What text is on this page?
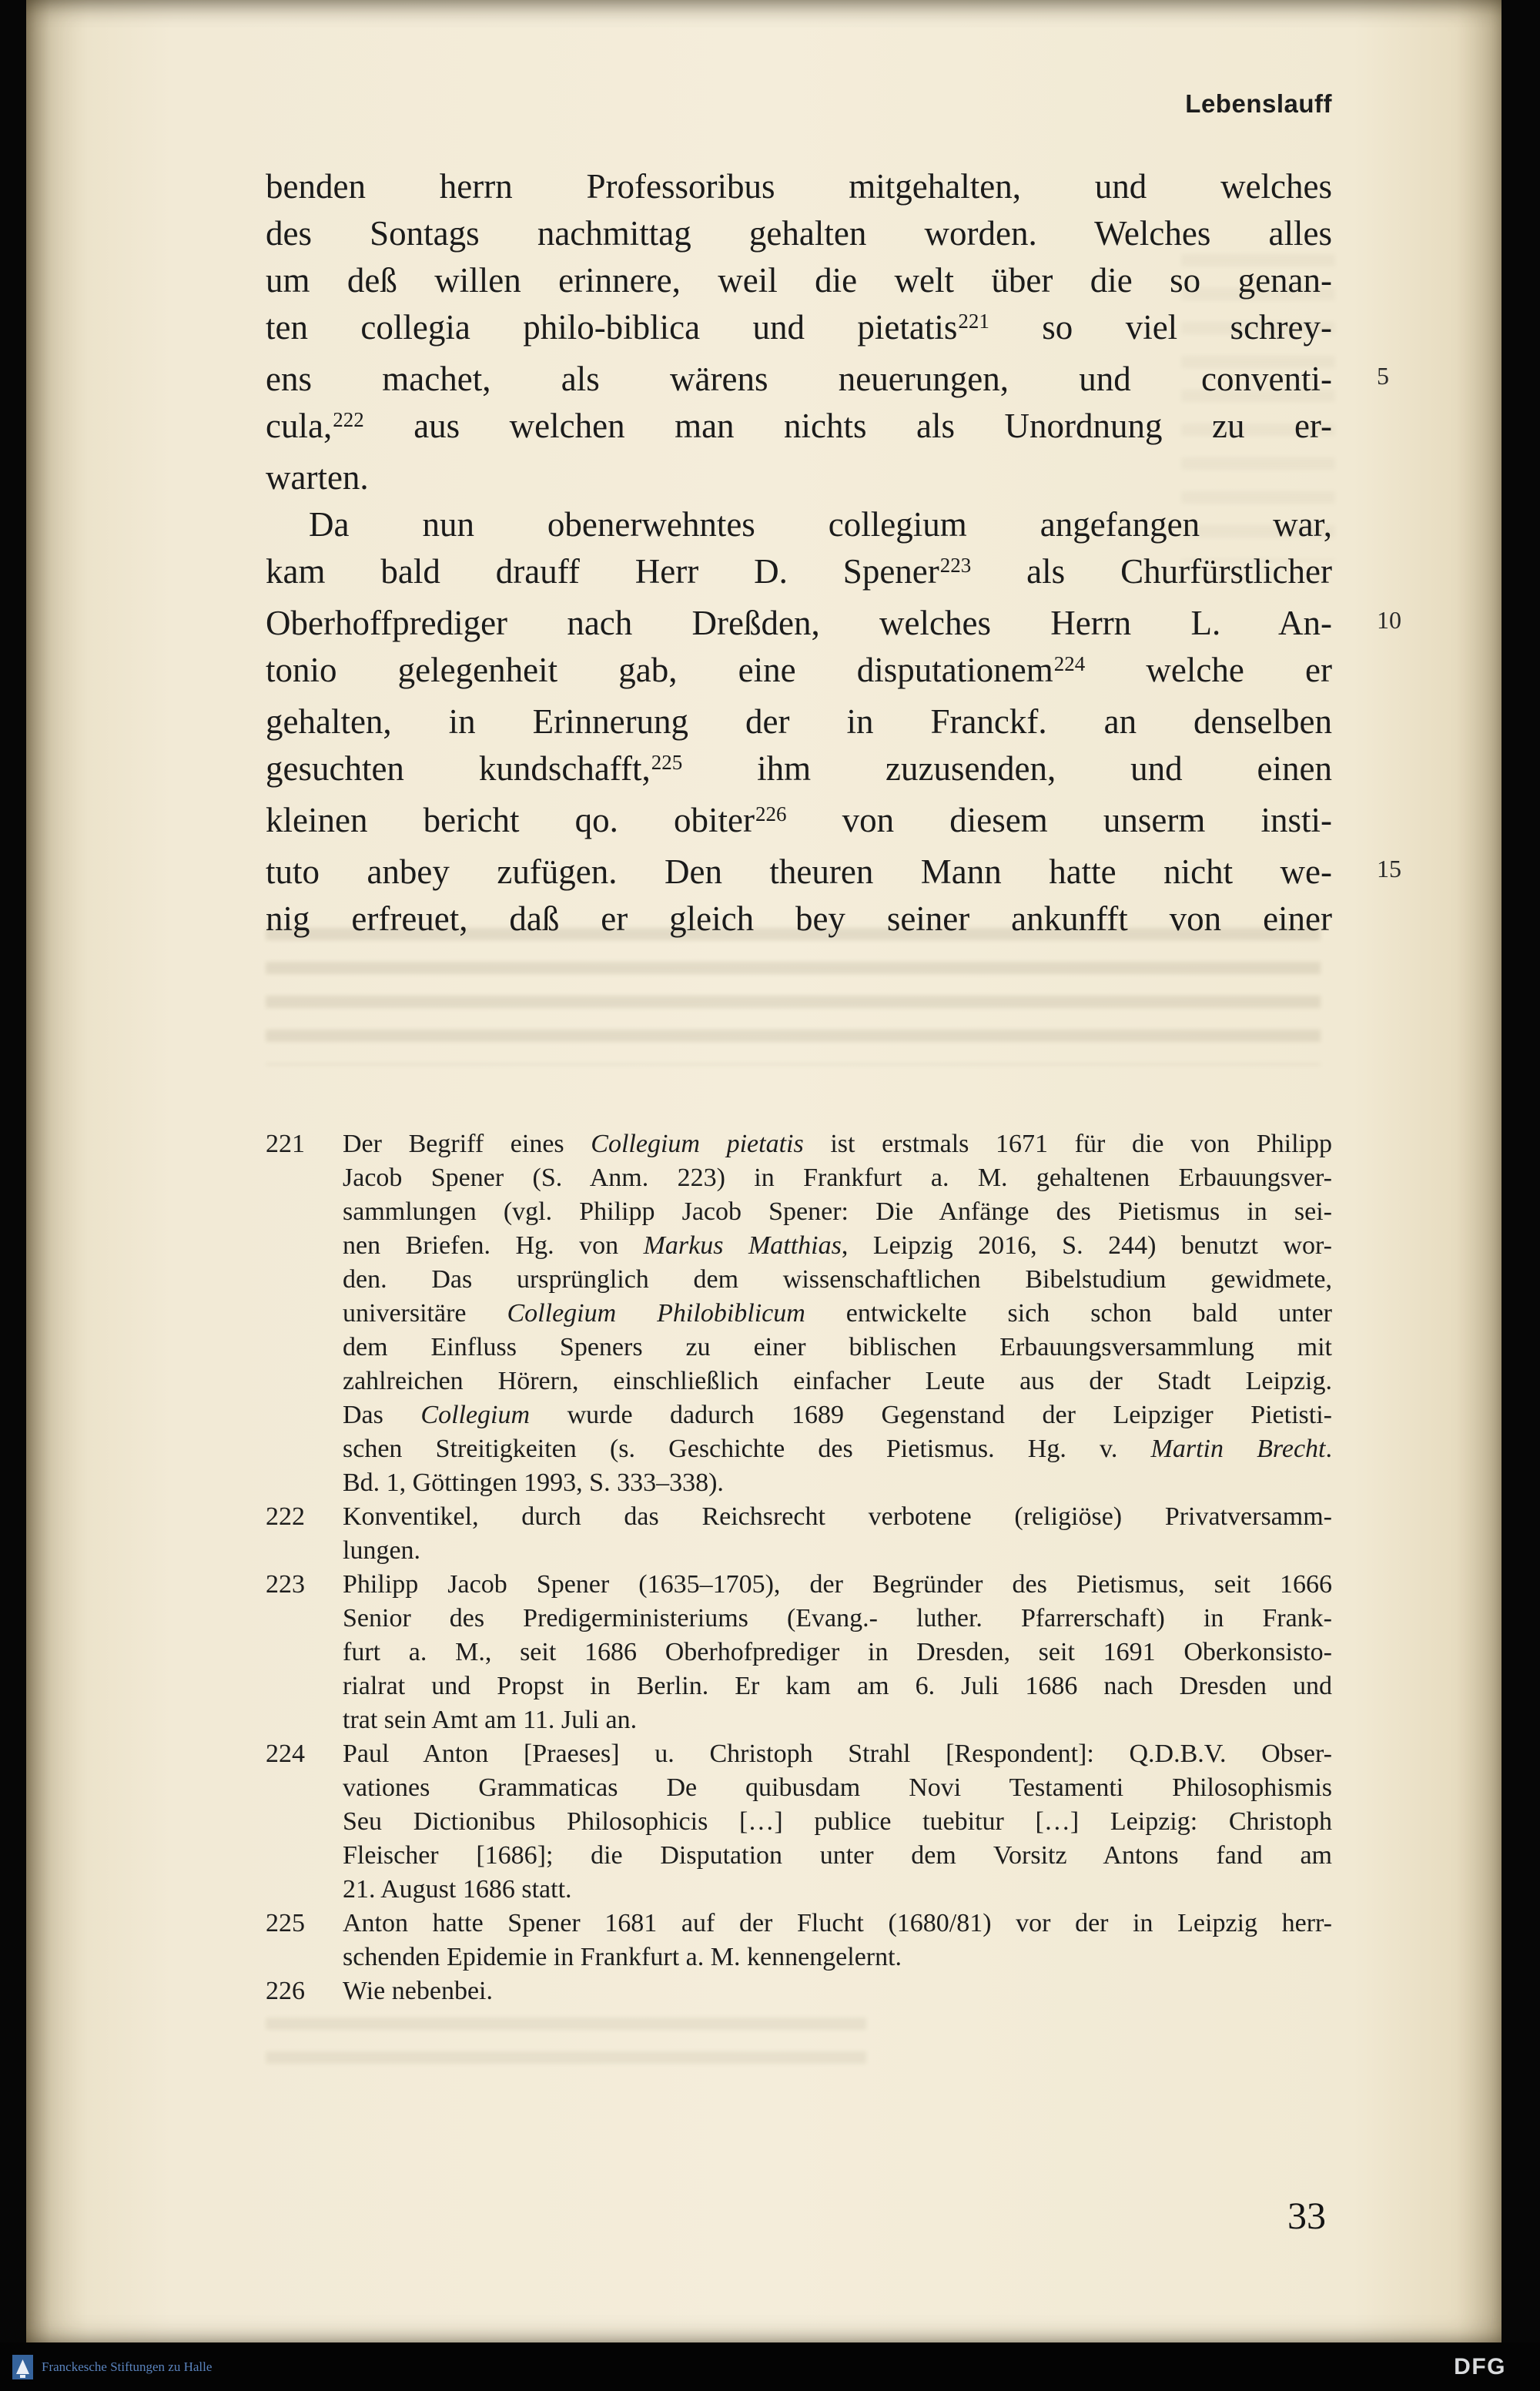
Lebenslauff
benden herrn Professoribus mitgehalten, und welches
des Sontags nachmittag gehalten worden. Welches alles
um deß willen erinnere, weil die welt über die so genan-
ten collegia philo-biblica und pietatis$^{221}$ so viel schrey-
ens machet, als wärens neuerungen, und conventi- 5
cula,$^{222}$ aus welchen man nichts als Unordnung zu er-
warten.
Da nun obenerwehntes collegium angefangen war,
kam bald drauff Herr D. Spener$^{223}$ als Churfürstlicher
Oberhoffprediger nach Dreßden, welches Herrn L. An- 10
tonio gelegenheit gab, eine disputationem$^{224}$ welche er
gehalten, in Erinnerung der in Franckf. an denselben
gesuchten kundschafft,$^{225}$ ihm zuzusenden, und einen
kleinen bericht qo. obiter$^{226}$ von diesem unserm insti-
tuto anbey zufügen. Den theuren Mann hatte nicht we- 15
nig erfreuet, daß er gleich bey seiner ankunfft von einer
221	Der Begriff eines Collegium pietatis ist erstmals 1671 für die von Philipp
Jacob Spener (S. Anm. 223) in Frankfurt a. M. gehaltenen Erbauungsver-
sammlungen (vgl. Philipp Jacob Spener: Die Anfänge des Pietismus in sei-
nen Briefen. Hg. von Markus Matthias, Leipzig 2016, S. 244) benutzt wor-
den. Das ursprünglich dem wissenschaftlichen Bibelstudium gewidmete,
universitäre Collegium Philobiblicum entwickelte sich schon bald unter
dem Einfluss Speners zu einer biblischen Erbauungsversammlung mit
zahlreichen Hörern, einschließlich einfacher Leute aus der Stadt Leipzig.
Das Collegium wurde dadurch 1689 Gegenstand der Leipziger Pietisti-
schen Streitigkeiten (s. Geschichte des Pietismus. Hg. v. Martin Brecht.
Bd. 1, Göttingen 1993, S. 333–338).
222	Konventikel, durch das Reichsrecht verbotene (religiöse) Privatversamm-
lungen.
223	Philipp Jacob Spener (1635–1705), der Begründer des Pietismus, seit 1666
Senior des Predigerministeriums (Evang.- luther. Pfarrerschaft) in Frank-
furt a. M., seit 1686 Oberhofprediger in Dresden, seit 1691 Oberkonsisto-
rialrat und Propst in Berlin. Er kam am 6. Juli 1686 nach Dresden und
trat sein Amt am 11. Juli an.
224	Paul Anton [Praeses] u. Christoph Strahl [Respondent]: Q.D.B.V. Obser-
vationes Grammaticas De quibusdam Novi Testamenti Philosophismis
Seu Dictionibus Philosophicis […] publice tuebitur […] Leipzig: Christoph
Fleischer [1686]; die Disputation unter dem Vorsitz Antons fand am
21. August 1686 statt.
225	Anton hatte Spener 1681 auf der Flucht (1680/81) vor der in Leipzig herr-
schenden Epidemie in Frankfurt a. M. kennengelernt.
226	Wie nebenbei.
33
Franckesche Stiftungen zu Halle	DFG
